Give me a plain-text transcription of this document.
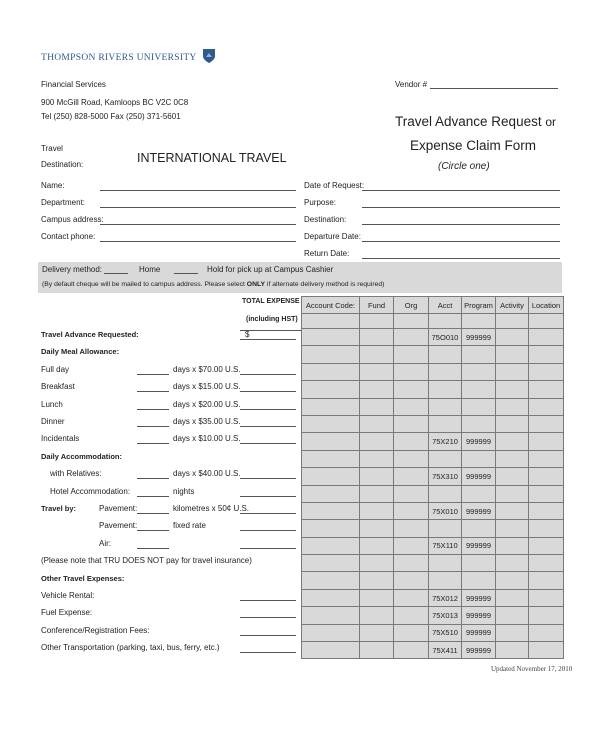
THOMPSON RIVERS UNIVERSITY
Financial Services
900 McGill Road, Kamloops BC V2C 0C8
Tel (250) 828-5000 Fax (250) 371-5601
Vendor #
Travel Advance Request or
Expense Claim Form
(Circle one)
Travel
Destination:	INTERNATIONAL TRAVEL
Name:
Department:
Campus address:
Contact phone:
Date of Request:
Purpose:
Destination:
Departure Date:
Return Date:
Delivery method:	Home	Hold for pick up at Campus Cashier
(By default cheque will be mailed to campus address. Please select ONLY if alternate delivery method is required)
TOTAL EXPENSE
(including HST)
Account Code:	Fund	Org	Acct	Program	Activity	Location

			75O010	999999		

			75X210	999999		

			75X310	999999		

			75X010	999999		

			75X110	999999		

			75X012	999999		
			75X013	999999		
			75X510	999999		
			75X411	999999		
Travel Advance Requested:	$
Daily Meal Allowance:
Full day	days x $70.00 U.S.
Breakfast	days x $15.00 U.S.
Lunch	days x $20.00 U.S.
Dinner	days x $35.00 U.S.
Incidentals	days x $10.00 U.S.
Daily Accommodation:
with Relatives:	days x $40.00 U.S.
Hotel Accommodation:	nights
Travel by:	Pavement:	kilometres x 50¢ U.S.
Pavement:	fixed rate
Air:
(Please note that TRU DOES NOT pay for travel insurance)
Other Travel Expenses:
Vehicle Rental:
Fuel Expense:
Conference/Registration Fees:
Other Transportation (parking, taxi, bus, ferry, etc.)
Updated November 17, 2010
